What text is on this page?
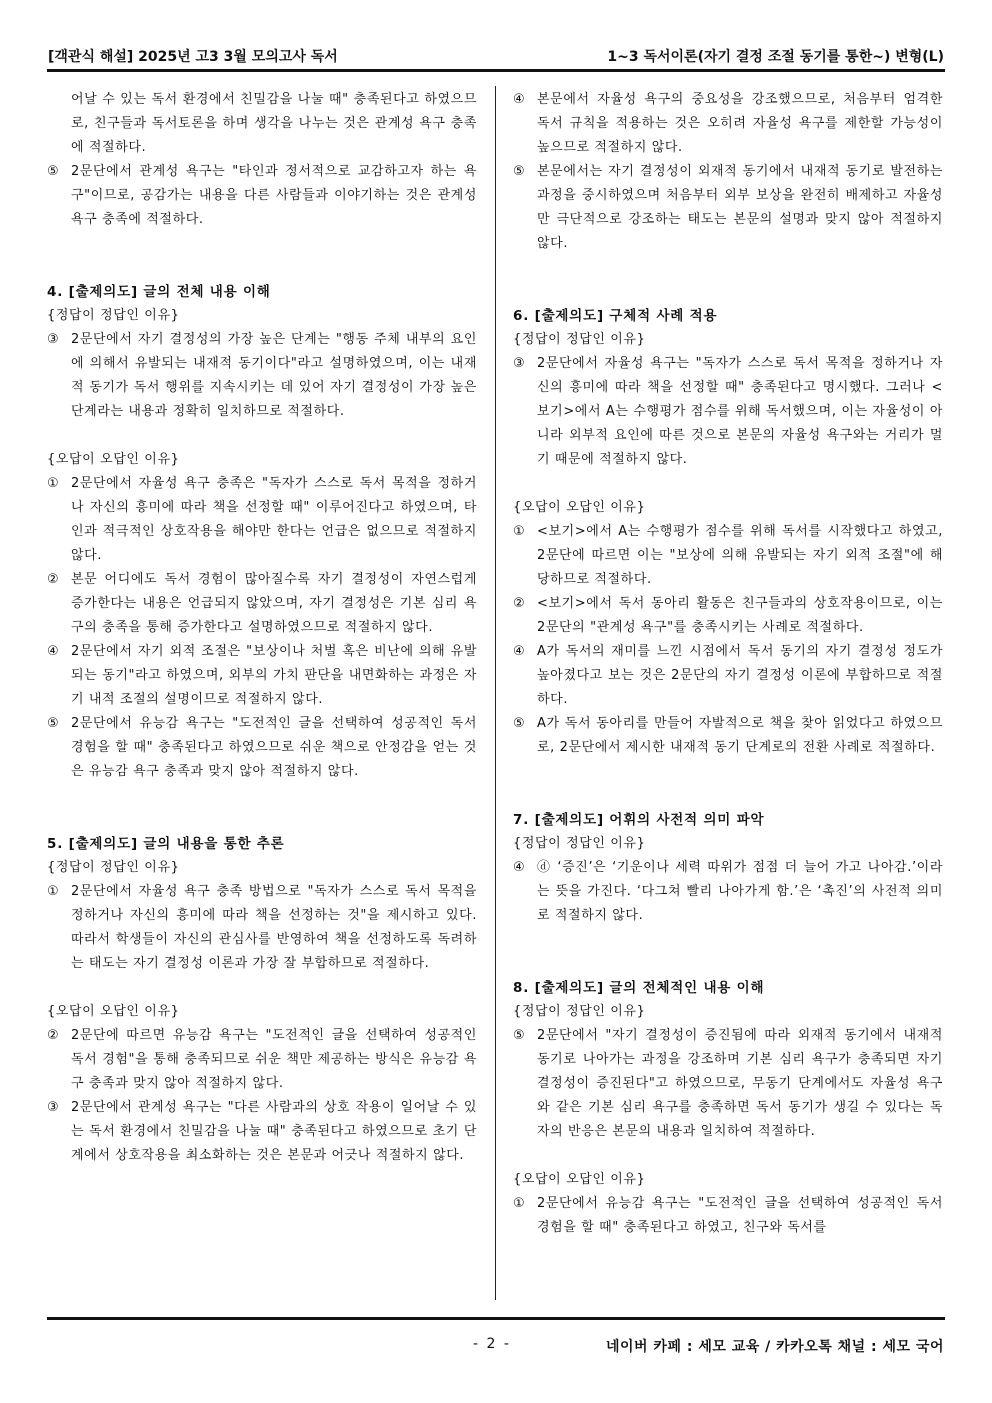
[객관식 해설] 2025년 고3 3월 모의고사 독서	1~3 독서이론(자기 결정 조절 동기를 통한~) 변형(L)
어날 수 있는 독서 환경에서 친밀감을 나눌 때" 충족된다고 하였으므로, 친구들과 독서토론을 하며 생각을 나누는 것은 관계성 욕구 충족에 적절하다.
⑤ 2문단에서 관계성 욕구는 "타인과 정서적으로 교감하고자 하는 욕구"이므로, 공감가는 내용을 다른 사람들과 이야기하는 것은 관계성 욕구 충족에 적절하다.
4. [출제의도] 글의 전체 내용 이해
{정답이 정답인 이유}
③ 2문단에서 자기 결정성의 가장 높은 단계는 "행동 주체 내부의 요인에 의해서 유발되는 내재적 동기이다"라고 설명하였으며, 이는 내재적 동기가 독서 행위를 지속시키는 데 있어 자기 결정성이 가장 높은 단계라는 내용과 정확히 일치하므로 적절하다.
{오답이 오답인 이유}
① 2문단에서 자율성 욕구 충족은 "독자가 스스로 독서 목적을 정하거나 자신의 흥미에 따라 책을 선정할 때" 이루어진다고 하였으며, 타인과 적극적인 상호작용을 해야만 한다는 언급은 없으므로 적절하지 않다.
② 본문 어디에도 독서 경험이 많아질수록 자기 결정성이 자연스럽게 증가한다는 내용은 언급되지 않았으며, 자기 결정성은 기본 심리 욕구의 충족을 통해 증가한다고 설명하였으므로 적절하지 않다.
④ 2문단에서 자기 외적 조절은 "보상이나 처벌 혹은 비난에 의해 유발되는 동기"라고 하였으며, 외부의 가치 판단을 내면화하는 과정은 자기 내적 조절의 설명이므로 적절하지 않다.
⑤ 2문단에서 유능감 욕구는 "도전적인 글을 선택하여 성공적인 독서 경험을 할 때" 충족된다고 하였으므로 쉬운 책으로 안정감을 얻는 것은 유능감 욕구 충족과 맞지 않아 적절하지 않다.
5. [출제의도] 글의 내용을 통한 추론
{정답이 정답인 이유}
① 2문단에서 자율성 욕구 충족 방법으로 "독자가 스스로 독서 목적을 정하거나 자신의 흥미에 따라 책을 선정하는 것"을 제시하고 있다. 따라서 학생들이 자신의 관심사를 반영하여 책을 선정하도록 독려하는 태도는 자기 결정성 이론과 가장 잘 부합하므로 적절하다.
{오답이 오답인 이유}
② 2문단에 따르면 유능감 욕구는 "도전적인 글을 선택하여 성공적인 독서 경험"을 통해 충족되므로 쉬운 책만 제공하는 방식은 유능감 욕구 충족과 맞지 않아 적절하지 않다.
③ 2문단에서 관계성 욕구는 "다른 사람과의 상호 작용이 일어날 수 있는 독서 환경에서 친밀감을 나눌 때" 충족된다고 하였으므로 초기 단계에서 상호작용을 최소화하는 것은 본문과 어긋나 적절하지 않다.
④ 본문에서 자율성 욕구의 중요성을 강조했으므로, 처음부터 엄격한 독서 규칙을 적용하는 것은 오히려 자율성 욕구를 제한할 가능성이 높으므로 적절하지 않다.
⑤ 본문에서는 자기 결정성이 외재적 동기에서 내재적 동기로 발전하는 과정을 중시하였으며 처음부터 외부 보상을 완전히 배제하고 자율성만 극단적으로 강조하는 태도는 본문의 설명과 맞지 않아 적절하지 않다.
6. [출제의도] 구체적 사례 적용
{정답이 정답인 이유}
③ 2문단에서 자율성 욕구는 "독자가 스스로 독서 목적을 정하거나 자신의 흥미에 따라 책을 선정할 때" 충족된다고 명시했다. 그러나 <보기>에서 A는 수행평가 점수를 위해 독서했으며, 이는 자율성이 아니라 외부적 요인에 따른 것으로 본문의 자율성 욕구와는 거리가 멀기 때문에 적절하지 않다.
{오답이 오답인 이유}
① <보기>에서 A는 수행평가 점수를 위해 독서를 시작했다고 하였고, 2문단에 따르면 이는 "보상에 의해 유발되는 자기 외적 조절"에 해당하므로 적절하다.
② <보기>에서 독서 동아리 활동은 친구들과의 상호작용이므로, 이는 2문단의 "관계성 욕구"를 충족시키는 사례로 적절하다.
④ A가 독서의 재미를 느낀 시점에서 독서 동기의 자기 결정성 정도가 높아졌다고 보는 것은 2문단의 자기 결정성 이론에 부합하므로 적절하다.
⑤ A가 독서 동아리를 만들어 자발적으로 책을 찾아 읽었다고 하였으므로, 2문단에서 제시한 내재적 동기 단계로의 전환 사례로 적절하다.
7. [출제의도] 어휘의 사전적 의미 파악
{정답이 정답인 이유}
④ ⓓ ‘증진’은 ‘기운이나 세력 따위가 점점 더 늘어 가고 나아감.’이라는 뜻을 가진다. ‘다그쳐 빨리 나아가게 함.’은 ‘촉진’의 사전적 의미로 적절하지 않다.
8. [출제의도] 글의 전체적인 내용 이해
{정답이 정답인 이유}
⑤ 2문단에서 "자기 결정성이 증진됨에 따라 외재적 동기에서 내재적 동기로 나아가는 과정을 강조하며 기본 심리 욕구가 충족되면 자기 결정성이 증진된다"고 하였으므로, 무동기 단계에서도 자율성 욕구와 같은 기본 심리 욕구를 충족하면 독서 동기가 생길 수 있다는 독자의 반응은 본문의 내용과 일치하여 적절하다.
{오답이 오답인 이유}
① 2문단에서 유능감 욕구는 "도전적인 글을 선택하여 성공적인 독서 경험을 할 때" 충족된다고 하였고, 친구와 독서를
- 2 -	네이버 카페 : 세모 교육 / 카카오톡 채널 : 세모 국어
